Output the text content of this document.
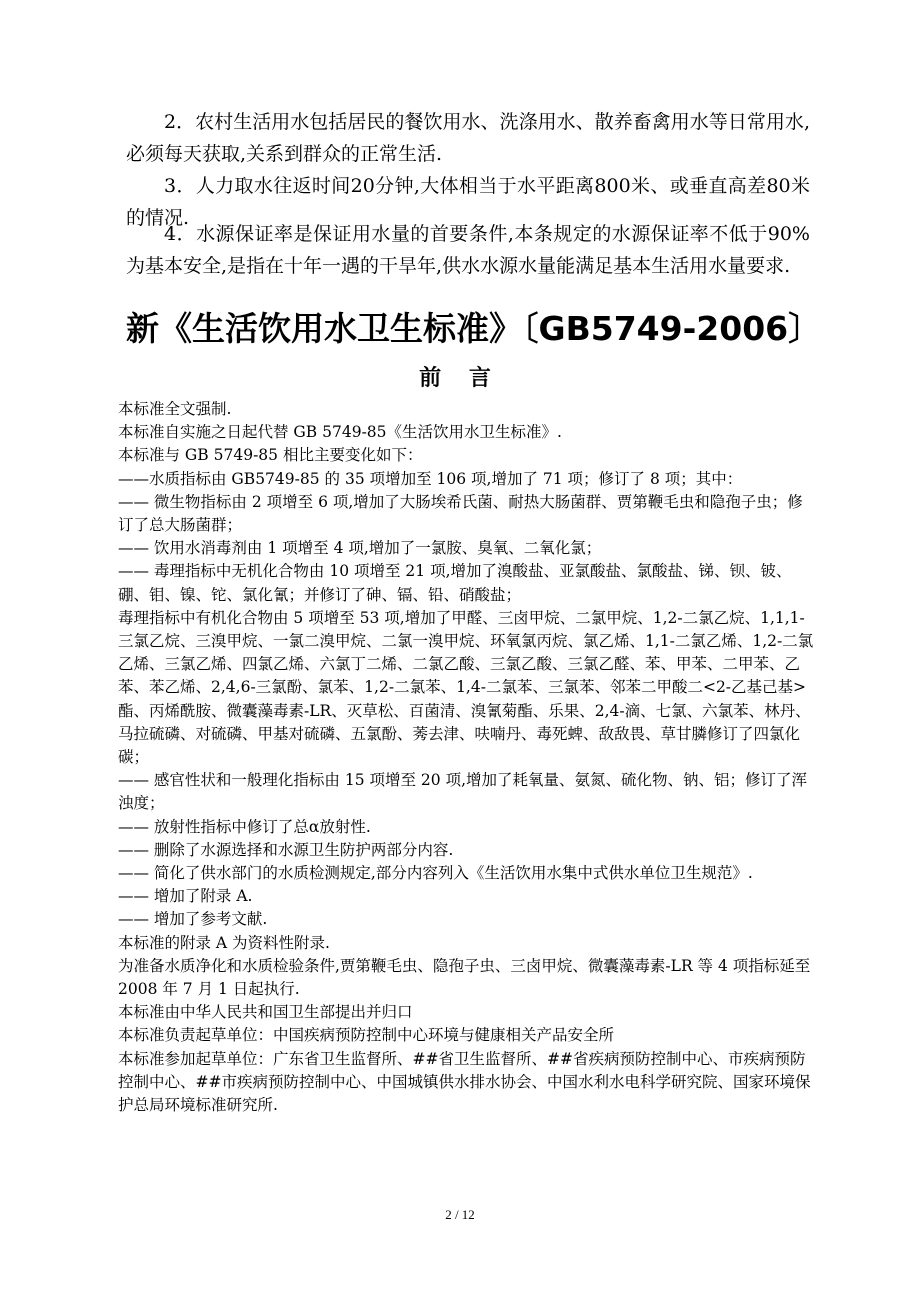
2．农村生活用水包括居民的餐饮用水、洗涤用水、散养畜禽用水等日常用水,必须每天获取,关系到群众的正常生活.

3．人力取水往返时间20分钟,大体相当于水平距离800米、或垂直高差80米的情况.

4．水源保证率是保证用水量的首要条件,本条规定的水源保证率不低于90%为基本安全,是指在十年一遇的干旱年,供水水源水量能满足基本生活用水量要求.

新《生活饮用水卫生标准》〔GB5749-2006〕
前 言
本标准全文强制.
本标准自实施之日起代替 GB 5749-85《生活饮用水卫生标准》.
本标准与 GB 5749-85 相比主要变化如下：
——水质指标由 GB5749-85 的 35 项增加至 106 项,增加了 71 项；修订了 8 项；其中：
—— 微生物指标由 2 项增至 6 项,增加了大肠埃希氏菌、耐热大肠菌群、贾第鞭毛虫和隐孢子虫；修订了总大肠菌群；
—— 饮用水消毒剂由 1 项增至 4 项,增加了一氯胺、臭氧、二氧化氯；
—— 毒理指标中无机化合物由 10 项增至 21 项,增加了溴酸盐、亚氯酸盐、氯酸盐、锑、钡、铍、硼、钼、镍、铊、氯化氰；并修订了砷、镉、铅、硝酸盐；
毒理指标中有机化合物由 5 项增至 53 项,增加了甲醛、三卤甲烷、二氯甲烷、1,2-二氯乙烷、1,1,1-三氯乙烷、三溴甲烷、一氯二溴甲烷、二氯一溴甲烷、环氧氯丙烷、氯乙烯、1,1-二氯乙烯、1,2-二氯乙烯、三氯乙烯、四氯乙烯、六氯丁二烯、二氯乙酸、三氯乙酸、三氯乙醛、苯、甲苯、二甲苯、乙苯、苯乙烯、2,4,6-三氯酚、氯苯、1,2-二氯苯、1,4-二氯苯、三氯苯、邻苯二甲酸二<2-乙基己基>酯、丙烯酰胺、微囊藻毒素-LR、灭草松、百菌清、溴氰菊酯、乐果、2,4-滴、七氯、六氯苯、林丹、马拉硫磷、对硫磷、甲基对硫磷、五氯酚、莠去津、呋喃丹、毒死蜱、敌敌畏、草甘膦修订了四氯化碳；
—— 感官性状和一般理化指标由 15 项增至 20 项,增加了耗氧量、氨氮、硫化物、钠、铝；修订了浑浊度；
—— 放射性指标中修订了总α放射性.
—— 删除了水源选择和水源卫生防护两部分内容.
—— 简化了供水部门的水质检测规定,部分内容列入《生活饮用水集中式供水单位卫生规范》.
—— 增加了附录 A.
—— 增加了参考文献.
本标准的附录 A 为资料性附录.
为准备水质净化和水质检验条件,贾第鞭毛虫、隐孢子虫、三卤甲烷、微囊藻毒素-LR 等 4 项指标延至 2008 年 7 月 1 日起执行.
本标准由中华人民共和国卫生部提出并归口
本标准负责起草单位：中国疾病预防控制中心环境与健康相关产品安全所
本标准参加起草单位：广东省卫生监督所、##省卫生监督所、##省疾病预防控制中心、市疾病预防控制中心、##市疾病预防控制中心、中国城镇供水排水协会、中国水利水电科学研究院、国家环境保护总局环境标准研究所.
2 / 12
